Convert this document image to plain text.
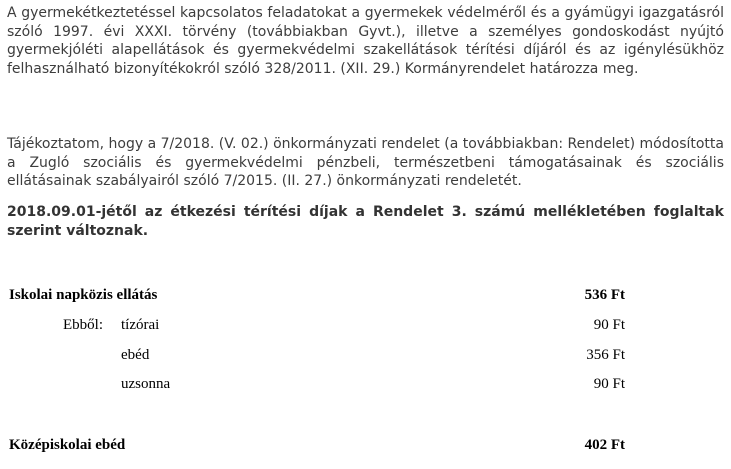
A gyermekétkeztetéssel kapcsolatos feladatokat a gyermekek védelméről és a gyámügyi igazgatásról szóló 1997. évi XXXI. törvény (továbbiakban Gyvt.), illetve a személyes gondoskodást nyújtó gyermekjóléti alapellátások és gyermekvédelmi szakellátások térítési díjáról és az igénylésükhöz felhasználható bizonyítékokról szóló 328/2011. (XII. 29.) Kormányrendelet határozza meg.

Tájékoztatom, hogy a 7/2018. (V. 02.) önkormányzati rendelet (a továbbiakban: Rendelet) módosította a Zugló szociális és gyermekvédelmi pénzbeli, természetbeni támogatásainak és szociális ellátásainak szabályairól szóló 7/2015. (II. 27.) önkormányzati rendeletét.

2018.09.01-jétől az étkezési térítési díjak a Rendelet 3. számú mellékletében foglaltak szerint változnak.

Iskolai napközis ellátás	536 Ft
Ebből: tízórai	90 Ft
ebéd	356 Ft
uzsonna	90 Ft
Középiskolai ebéd	402 Ft
